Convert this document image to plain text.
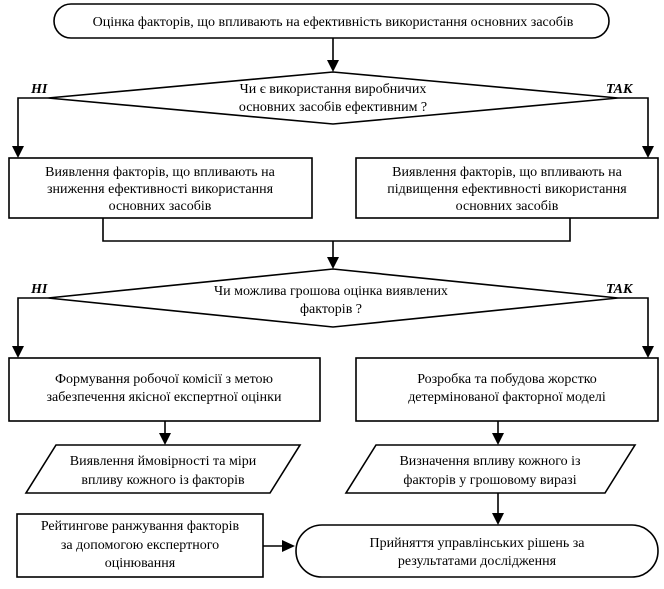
Оцінка факторів, що впливають на ефективність використання основних засобів
Чи є використання виробничих
основних засобів ефективним ?
НІ	ТАК
Виявлення факторів, що впливають на
зниження ефективності використання
основних засобів
Виявлення факторів, що впливають на
підвищення ефективності використання
основних засобів
Чи можлива грошова оцінка виявлених
факторів ?
НІ	ТАК
Формування робочої комісії з метою
забезпечення якісної експертної оцінки
Розробка та побудова жорстко
детермінованої факторної моделі
Виявлення ймовірності та міри
впливу кожного із факторів
Визначення впливу кожного із
факторів у грошовому виразі
Рейтингове ранжування факторів
за допомогою експертного
оцінювання
Прийняття управлінських рішень за
результатами дослідження
